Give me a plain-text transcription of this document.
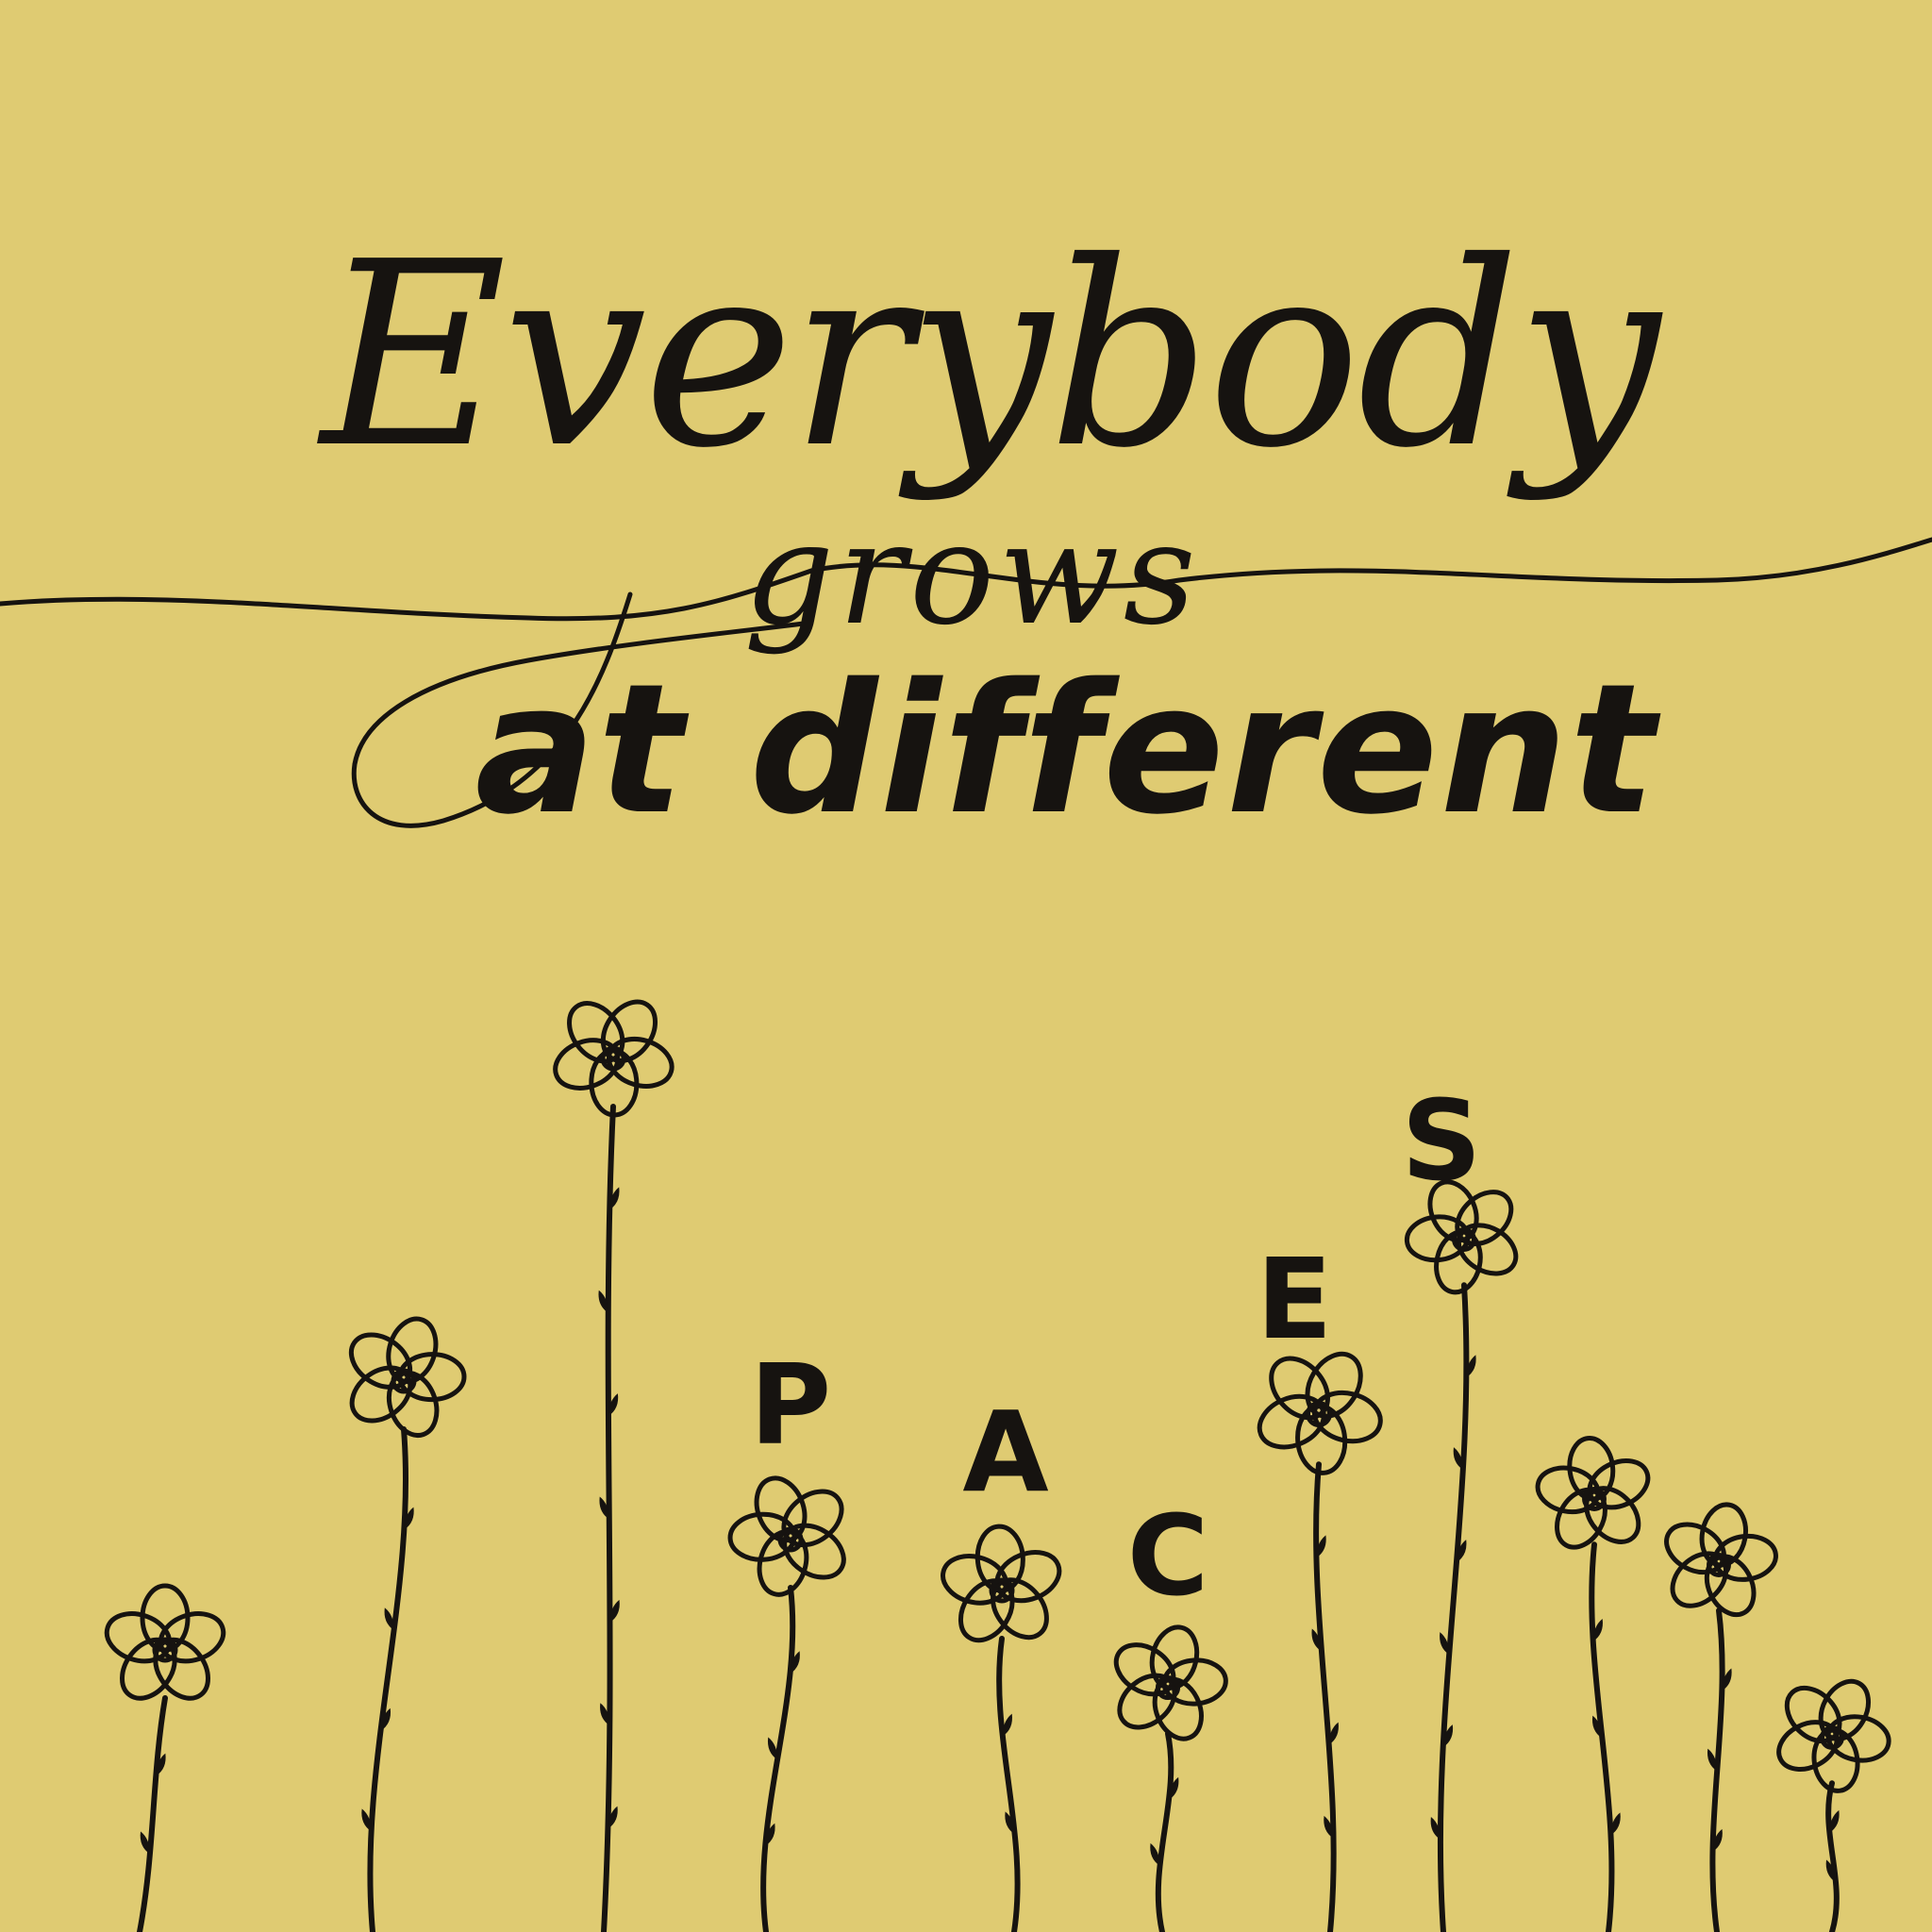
Everybody
grows
at different
P A
C
E
S
